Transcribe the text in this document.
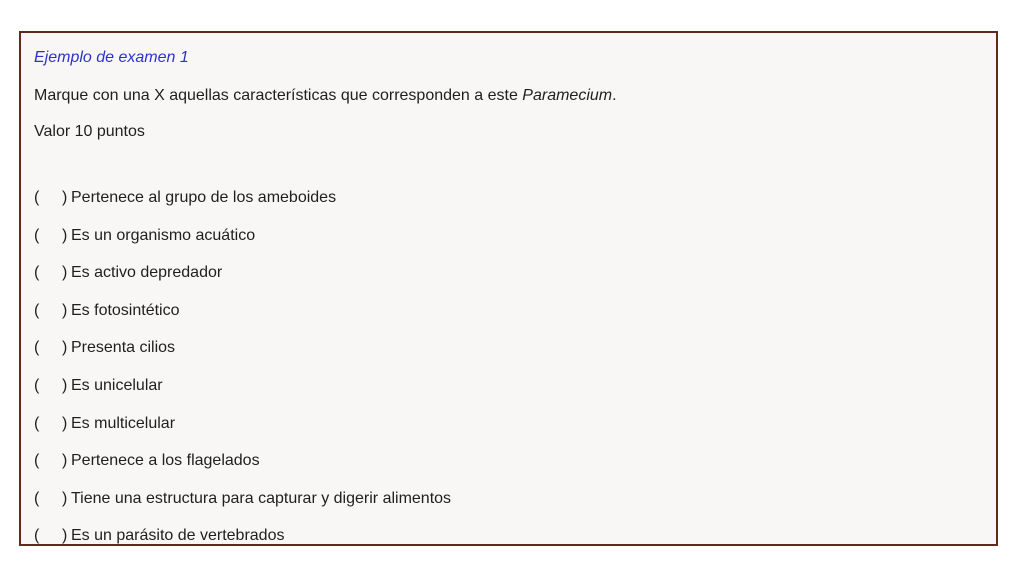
Ejemplo de examen 1
Marque con una X aquellas características que corresponden a este Paramecium.
Valor 10 puntos
( ) Pertenece al grupo de los ameboides
( ) Es un organismo acuático
( ) Es activo depredador
( ) Es fotosintético
( ) Presenta cilios
( ) Es unicelular
( ) Es multicelular
( ) Pertenece a los flagelados
( ) Tiene una estructura para capturar y digerir alimentos
( ) Es un parásito de vertebrados
